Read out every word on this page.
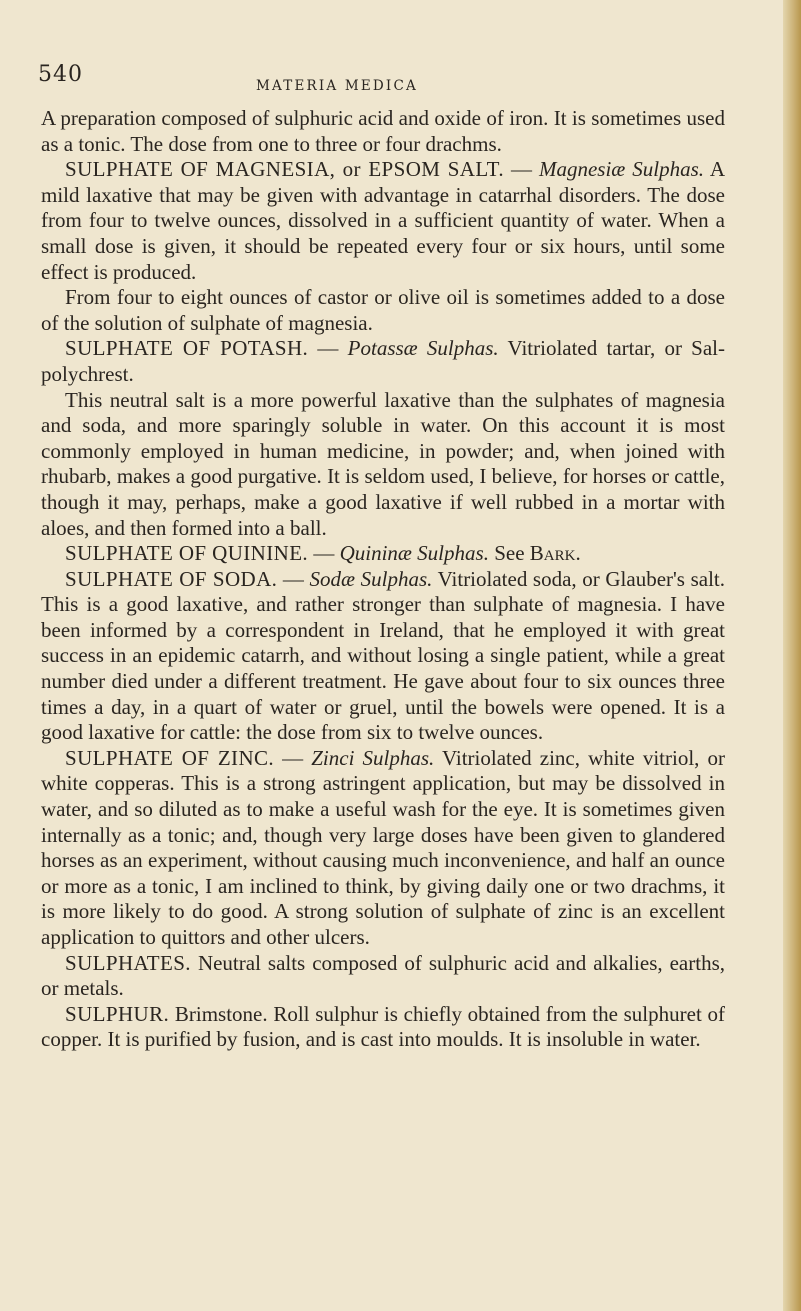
540	MATERIA MEDICA

A preparation composed of sulphuric acid and oxide of iron. It is sometimes used as a tonic. The dose from one to three or four drachms.

SULPHATE OF MAGNESIA, or EPSOM SALT. — Magnesiæ Sulphas. A mild laxative that may be given with advantage in catarrhal disorders. The dose from four to twelve ounces, dissolved in a sufficient quantity of water. When a small dose is given, it should be repeated every four or six hours, until some effect is produced.

From four to eight ounces of castor or olive oil is sometimes added to a dose of the solution of sulphate of magnesia.

SULPHATE OF POTASH. — Potassæ Sulphas. Vitriolated tartar, or Sal-polychrest.

This neutral salt is a more powerful laxative than the sulphates of magnesia and soda, and more sparingly soluble in water. On this account it is most commonly employed in human medicine, in powder; and, when joined with rhubarb, makes a good purgative. It is seldom used, I believe, for horses or cattle, though it may, perhaps, make a good laxative if well rubbed in a mortar with aloes, and then formed into a ball.

SULPHATE OF QUININE. — Quininæ Sulphas. See Bark.

SULPHATE OF SODA. — Sodæ Sulphas. Vitriolated soda, or Glauber's salt. This is a good laxative, and rather stronger than sulphate of magnesia. I have been informed by a correspondent in Ireland, that he employed it with great success in an epidemic catarrh, and without losing a single patient, while a great number died under a different treatment. He gave about four to six ounces three times a day, in a quart of water or gruel, until the bowels were opened. It is a good laxative for cattle: the dose from six to twelve ounces.

SULPHATE OF ZINC. — Zinci Sulphas. Vitriolated zinc, white vitriol, or white copperas. This is a strong astringent application, but may be dissolved in water, and so diluted as to make a useful wash for the eye. It is sometimes given internally as a tonic; and, though very large doses have been given to glandered horses as an experiment, without causing much inconvenience, and half an ounce or more as a tonic, I am inclined to think, by giving daily one or two drachms, it is more likely to do good. A strong solution of sulphate of zinc is an excellent application to quittors and other ulcers.

SULPHATES. Neutral salts composed of sulphuric acid and alkalies, earths, or metals.

SULPHUR. Brimstone. Roll sulphur is chiefly obtained from the sulphuret of copper. It is purified by fusion, and is cast into moulds. It is insoluble in water.
